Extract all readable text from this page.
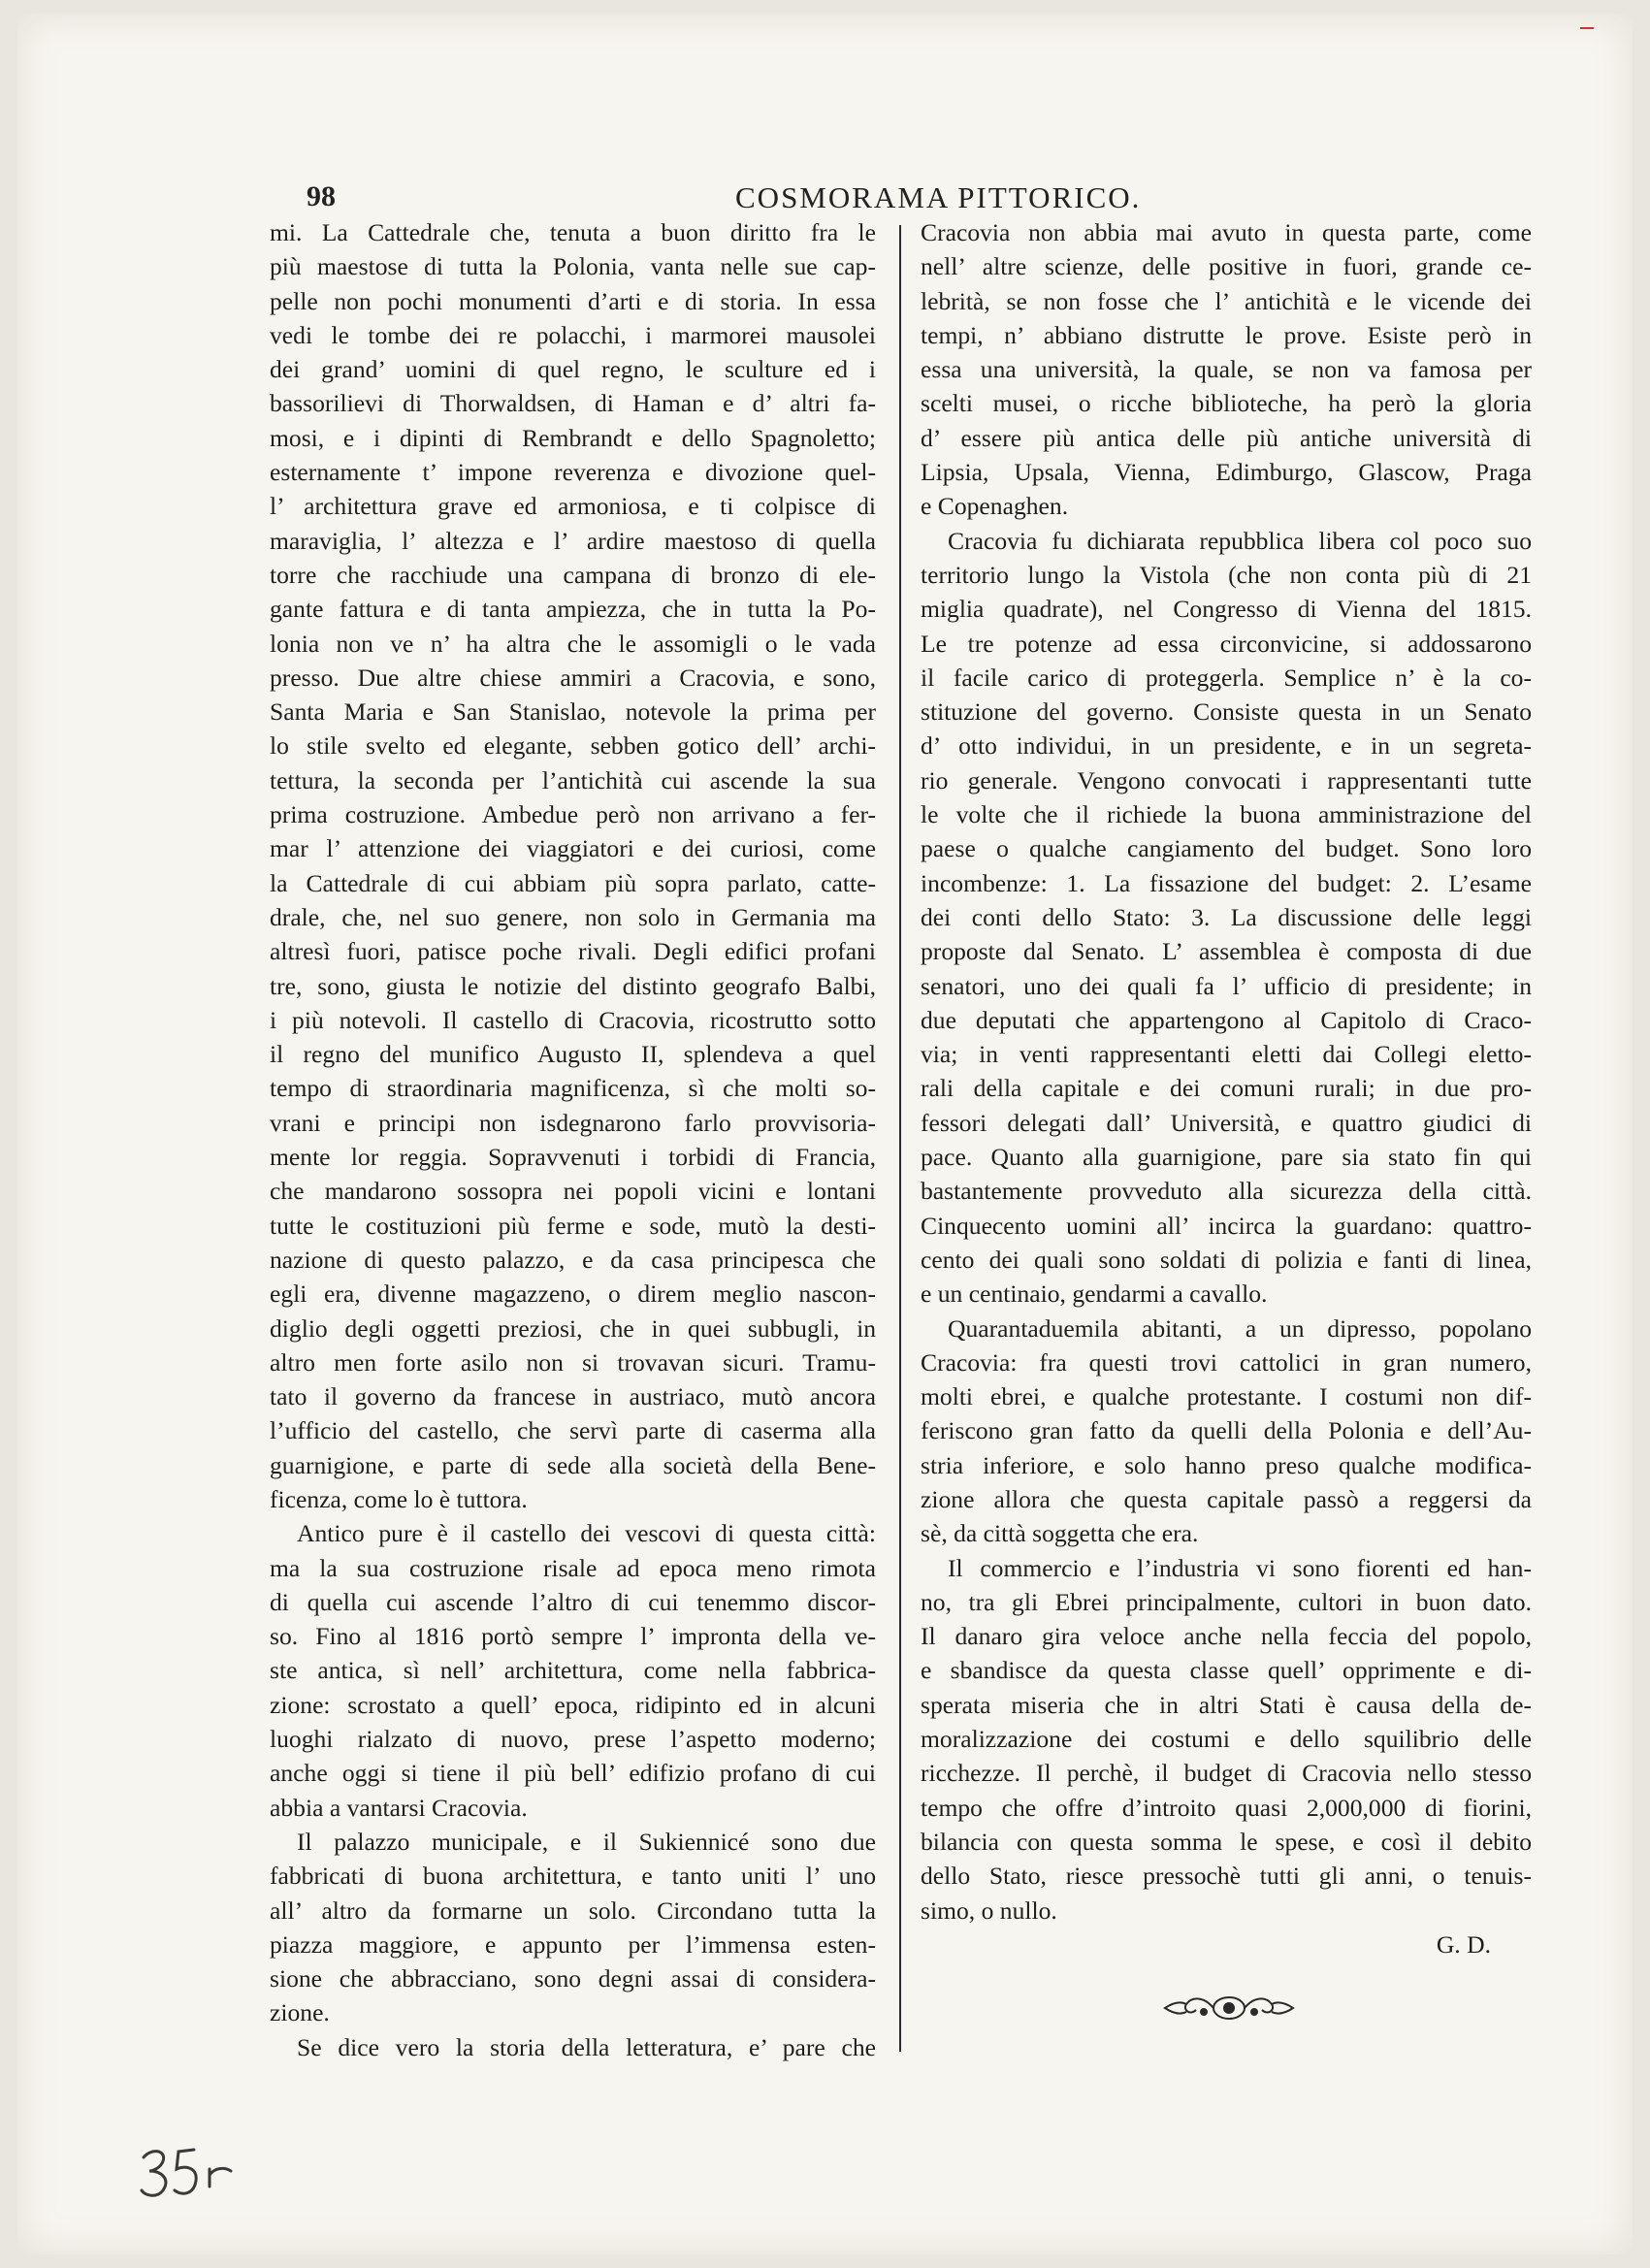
98	COSMORAMA PITTORICO.
mi. La Cattedrale che, tenuta a buon diritto fra le
più maestose di tutta la Polonia, vanta nelle sue cap-
pelle non pochi monumenti d’arti e di storia. In essa
vedi le tombe dei re polacchi, i marmorei mausolei
dei grand’ uomini di quel regno, le sculture ed i
bassorilievi di Thorwaldsen, di Haman e d’ altri fa-
mosi, e i dipinti di Rembrandt e dello Spagnoletto;
esternamente t’ impone reverenza e divozione quel-
l’ architettura grave ed armoniosa, e ti colpisce di
maraviglia, l’ altezza e l’ ardire maestoso di quella
torre che racchiude una campana di bronzo di ele-
gante fattura e di tanta ampiezza, che in tutta la Po-
lonia non ve n’ ha altra che le assomigli o le vada
presso. Due altre chiese ammiri a Cracovia, e sono,
Santa Maria e San Stanislao, notevole la prima per
lo stile svelto ed elegante, sebben gotico dell’ archi-
tettura, la seconda per l’antichità cui ascende la sua
prima costruzione. Ambedue però non arrivano a fer-
mar l’ attenzione dei viaggiatori e dei curiosi, come
la Cattedrale di cui abbiam più sopra parlato, catte-
drale, che, nel suo genere, non solo in Germania ma
altresì fuori, patisce poche rivali. Degli edifici profani
tre, sono, giusta le notizie del distinto geografo Balbi,
i più notevoli. Il castello di Cracovia, ricostrutto sotto
il regno del munifico Augusto II, splendeva a quel
tempo di straordinaria magnificenza, sì che molti so-
vrani e principi non isdegnarono farlo provvisoria-
mente lor reggia. Sopravvenuti i torbidi di Francia,
che mandarono sossopra nei popoli vicini e lontani
tutte le costituzioni più ferme e sode, mutò la desti-
nazione di questo palazzo, e da casa principesca che
egli era, divenne magazzeno, o direm meglio nascon-
diglio degli oggetti preziosi, che in quei subbugli, in
altro men forte asilo non si trovavan sicuri. Tramu-
tato il governo da francese in austriaco, mutò ancora
l’ufficio del castello, che servì parte di caserma alla
guarnigione, e parte di sede alla società della Bene-
ficenza, come lo è tuttora.
Antico pure è il castello dei vescovi di questa città:
ma la sua costruzione risale ad epoca meno rimota
di quella cui ascende l’altro di cui tenemmo discor-
so. Fino al 1816 portò sempre l’ impronta della ve-
ste antica, sì nell’ architettura, come nella fabbrica-
zione: scrostato a quell’ epoca, ridipinto ed in alcuni
luoghi rialzato di nuovo, prese l’aspetto moderno;
anche oggi si tiene il più bell’ edifizio profano di cui
abbia a vantarsi Cracovia.
Il palazzo municipale, e il Sukiennicé sono due
fabbricati di buona architettura, e tanto uniti l’ uno
all’ altro da formarne un solo. Circondano tutta la
piazza maggiore, e appunto per l’immensa esten-
sione che abbracciano, sono degni assai di considera-
zione.
Se dice vero la storia della letteratura, e’ pare che
Cracovia non abbia mai avuto in questa parte, come
nell’ altre scienze, delle positive in fuori, grande ce-
lebrità, se non fosse che l’ antichità e le vicende dei
tempi, n’ abbiano distrutte le prove. Esiste però in
essa una università, la quale, se non va famosa per
scelti musei, o ricche biblioteche, ha però la gloria
d’ essere più antica delle più antiche università di
Lipsia, Upsala, Vienna, Edimburgo, Glascow, Praga
e Copenaghen.
Cracovia fu dichiarata repubblica libera col poco suo
territorio lungo la Vistola (che non conta più di 21
miglia quadrate), nel Congresso di Vienna del 1815.
Le tre potenze ad essa circonvicine, si addossarono
il facile carico di proteggerla. Semplice n’ è la co-
stituzione del governo. Consiste questa in un Senato
d’ otto individui, in un presidente, e in un segreta-
rio generale. Vengono convocati i rappresentanti tutte
le volte che il richiede la buona amministrazione del
paese o qualche cangiamento del budget. Sono loro
incombenze: 1. La fissazione del budget: 2. L’esame
dei conti dello Stato: 3. La discussione delle leggi
proposte dal Senato. L’ assemblea è composta di due
senatori, uno dei quali fa l’ ufficio di presidente; in
due deputati che appartengono al Capitolo di Craco-
via; in venti rappresentanti eletti dai Collegi eletto-
rali della capitale e dei comuni rurali; in due pro-
fessori delegati dall’ Università, e quattro giudici di
pace. Quanto alla guarnigione, pare sia stato fin qui
bastantemente provveduto alla sicurezza della città.
Cinquecento uomini all’ incirca la guardano: quattro-
cento dei quali sono soldati di polizia e fanti di linea,
e un centinaio, gendarmi a cavallo.
Quarantaduemila abitanti, a un dipresso, popolano
Cracovia: fra questi trovi cattolici in gran numero,
molti ebrei, e qualche protestante. I costumi non dif-
feriscono gran fatto da quelli della Polonia e dell’Au-
stria inferiore, e solo hanno preso qualche modifica-
zione allora che questa capitale passò a reggersi da
sè, da città soggetta che era.
Il commercio e l’industria vi sono fiorenti ed han-
no, tra gli Ebrei principalmente, cultori in buon dato.
Il danaro gira veloce anche nella feccia del popolo,
e sbandisce da questa classe quell’ opprimente e di-
sperata miseria che in altri Stati è causa della de-
moralizzazione dei costumi e dello squilibrio delle
ricchezze. Il perchè, il budget di Cracovia nello stesso
tempo che offre d’introito quasi 2,000,000 di fiorini,
bilancia con questa somma le spese, e così il debito
dello Stato, riesce pressochè tutti gli anni, o tenuis-
simo, o nullo.
G. D.
